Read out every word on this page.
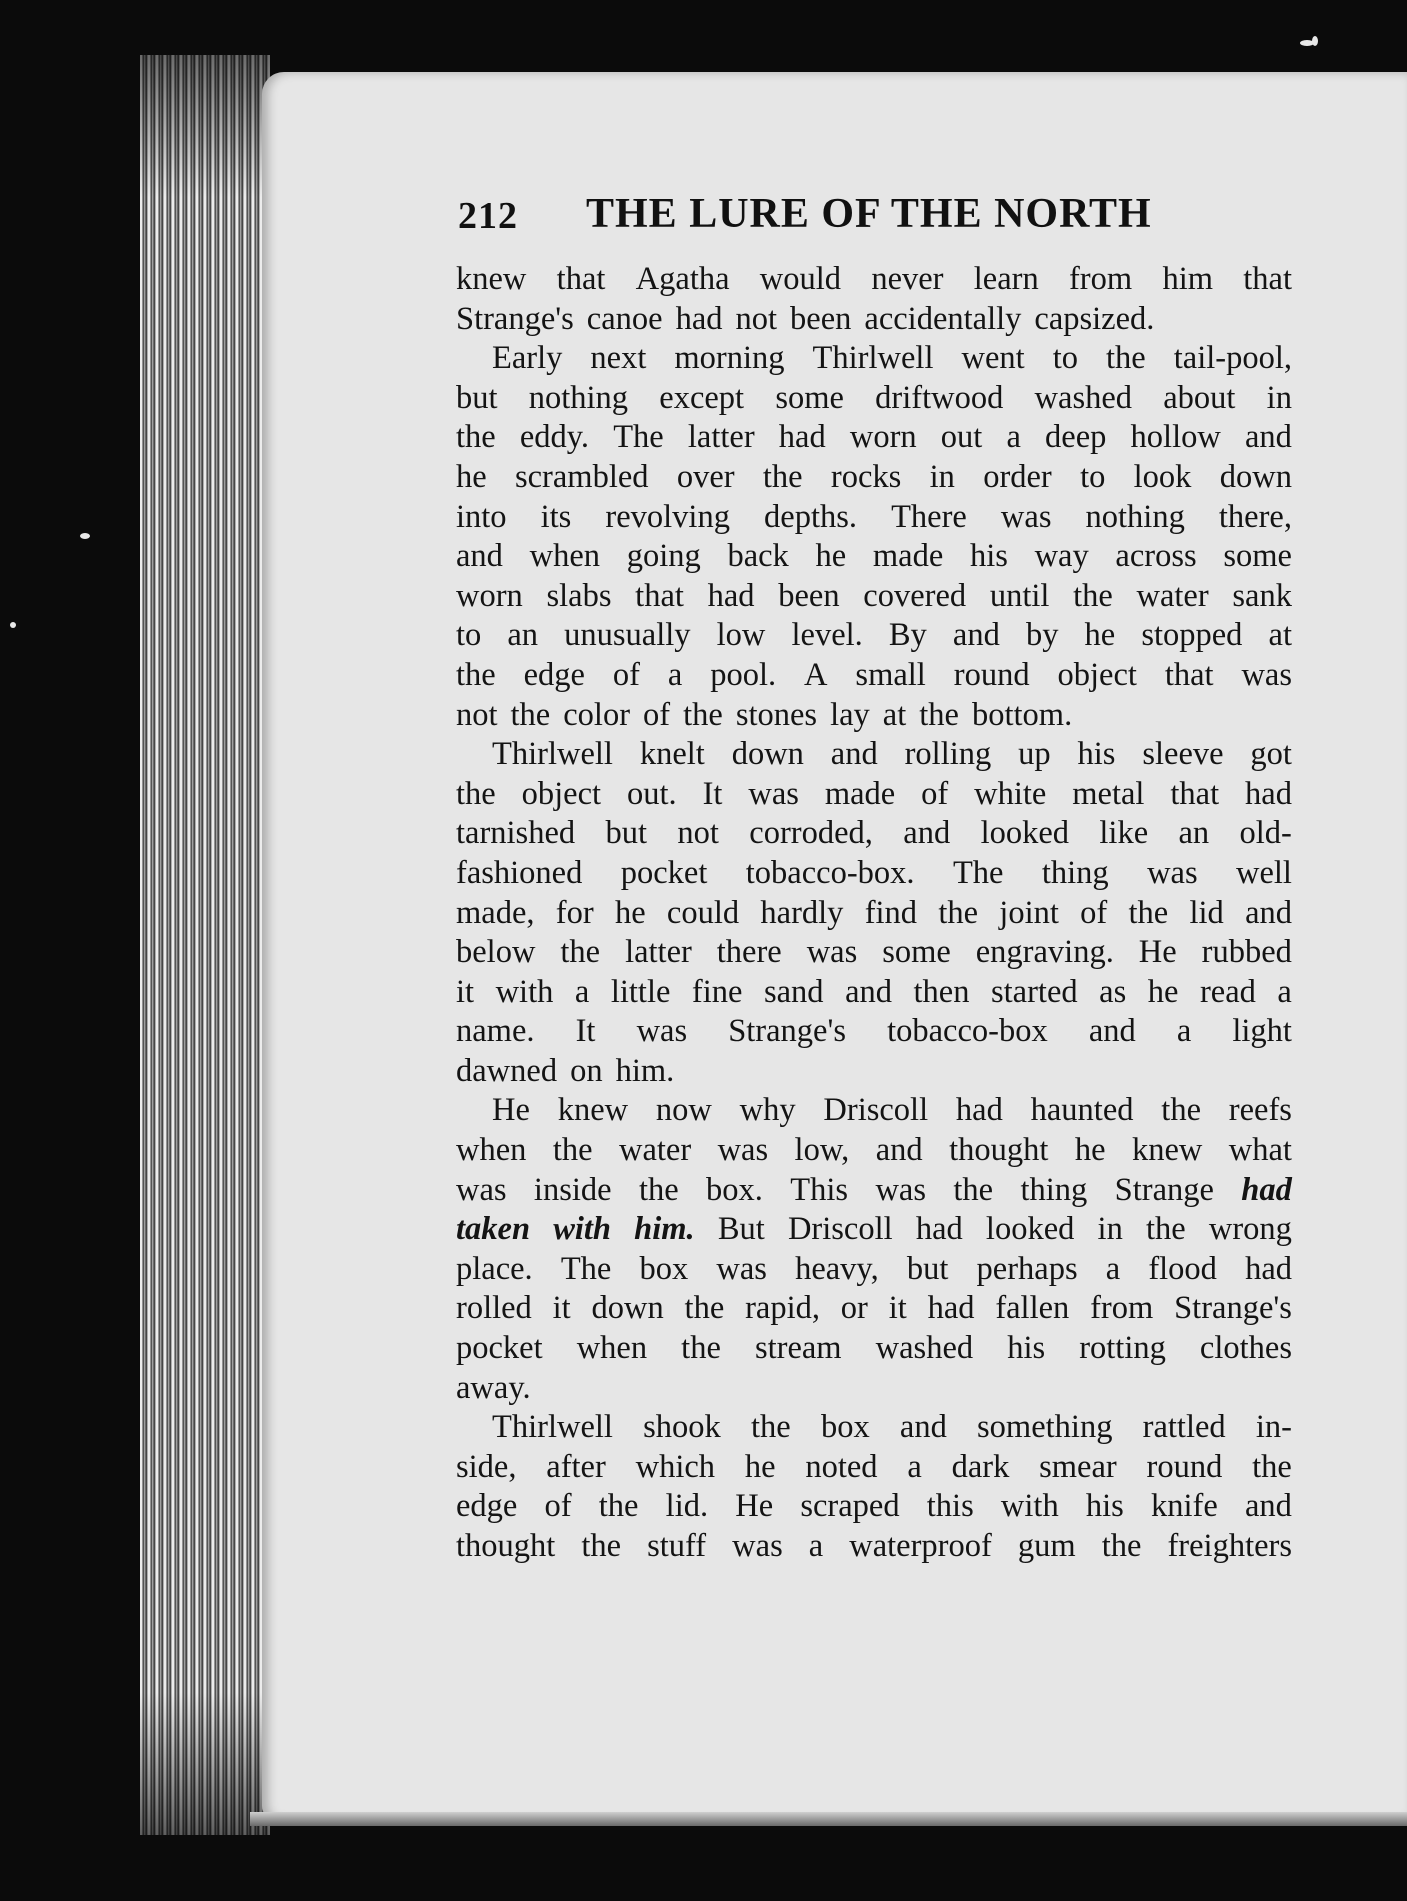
212 THE LURE OF THE NORTH
knew that Agatha would never learn from him that
Strange's canoe had not been accidentally capsized.
Early next morning Thirlwell went to the tail-pool,
but nothing except some driftwood washed about in
the eddy. The latter had worn out a deep hollow and
he scrambled over the rocks in order to look down
into its revolving depths. There was nothing there,
and when going back he made his way across some
worn slabs that had been covered until the water sank
to an unusually low level. By and by he stopped at
the edge of a pool. A small round object that was
not the color of the stones lay at the bottom.
Thirlwell knelt down and rolling up his sleeve got
the object out. It was made of white metal that had
tarnished but not corroded, and looked like an old-
fashioned pocket tobacco-box. The thing was well
made, for he could hardly find the joint of the lid and
below the latter there was some engraving. He rubbed
it with a little fine sand and then started as he read a
name. It was Strange's tobacco-box and a light
dawned on him.
He knew now why Driscoll had haunted the reefs
when the water was low, and thought he knew what
was inside the box. This was the thing Strange had
taken with him. But Driscoll had looked in the wrong
place. The box was heavy, but perhaps a flood had
rolled it down the rapid, or it had fallen from Strange's
pocket when the stream washed his rotting clothes
away.
Thirlwell shook the box and something rattled in-
side, after which he noted a dark smear round the
edge of the lid. He scraped this with his knife and
thought the stuff was a waterproof gum the freighters
